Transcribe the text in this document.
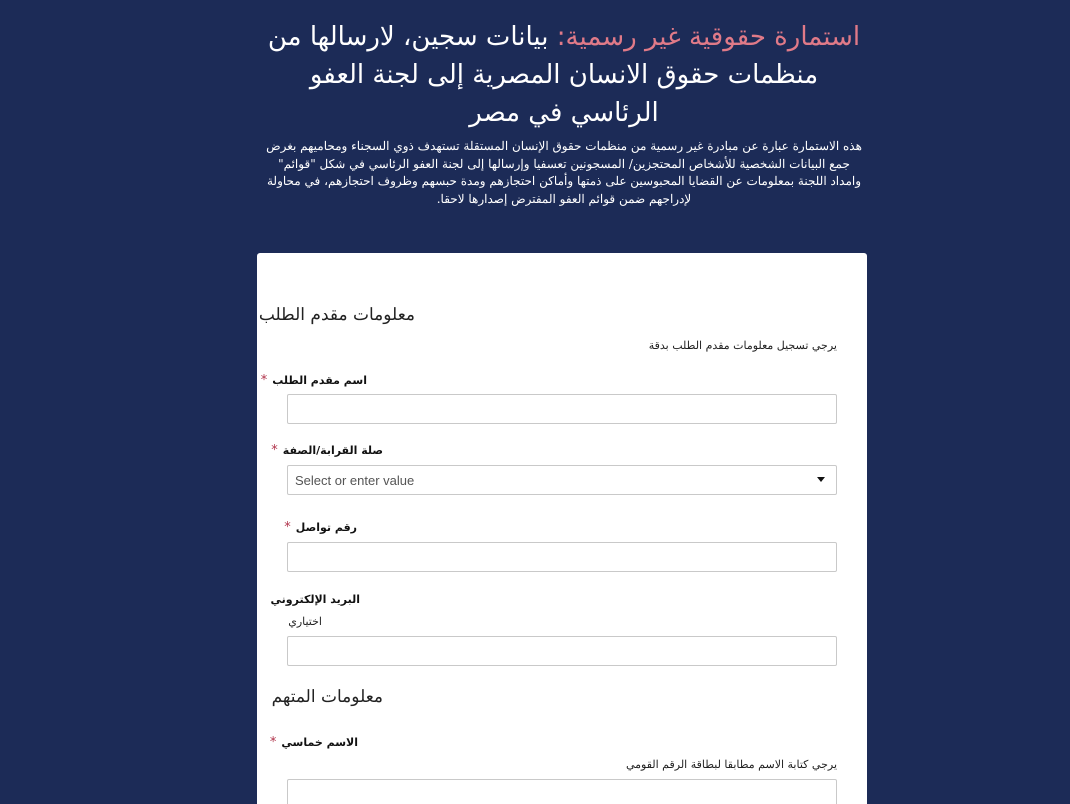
استمارة حقوقية غير رسمية: بيانات سجين، لارسالها من منظمات حقوق الانسان المصرية إلى لجنة العفو الرئاسي في مصر

هذه الاستمارة عبارة عن مبادرة غير رسمية من منظمات حقوق الإنسان المستقلة تستهدف ذوي السجناء ومحاميهم بغرض جمع البيانات الشخصية للأشخاص المحتجزين/ المسجونين تعسفيا وإرسالها إلى لجنة العفو الرئاسي في شكل "قوائم" وامداد اللجنة بمعلومات عن القضايا المحبوسين على ذمتها وأماكن احتجازهم ومدة حبسهم وظروف احتجازهم، في محاولة لإدراجهم ضمن قوائم العفو المفترض إصدارها لاحقا.

معلومات مقدم الطلب
يرجي تسجيل معلومات مقدم الطلب بدقة
اسم مقدم الطلب*
صلة القرابة/الصفة*
Select or enter value
رقم تواصل*
البريد الإلكتروني
اختياري
معلومات المتهم
الاسم خماسي*
يرجي كتابة الاسم مطابقا لبطاقة الرقم القومي
